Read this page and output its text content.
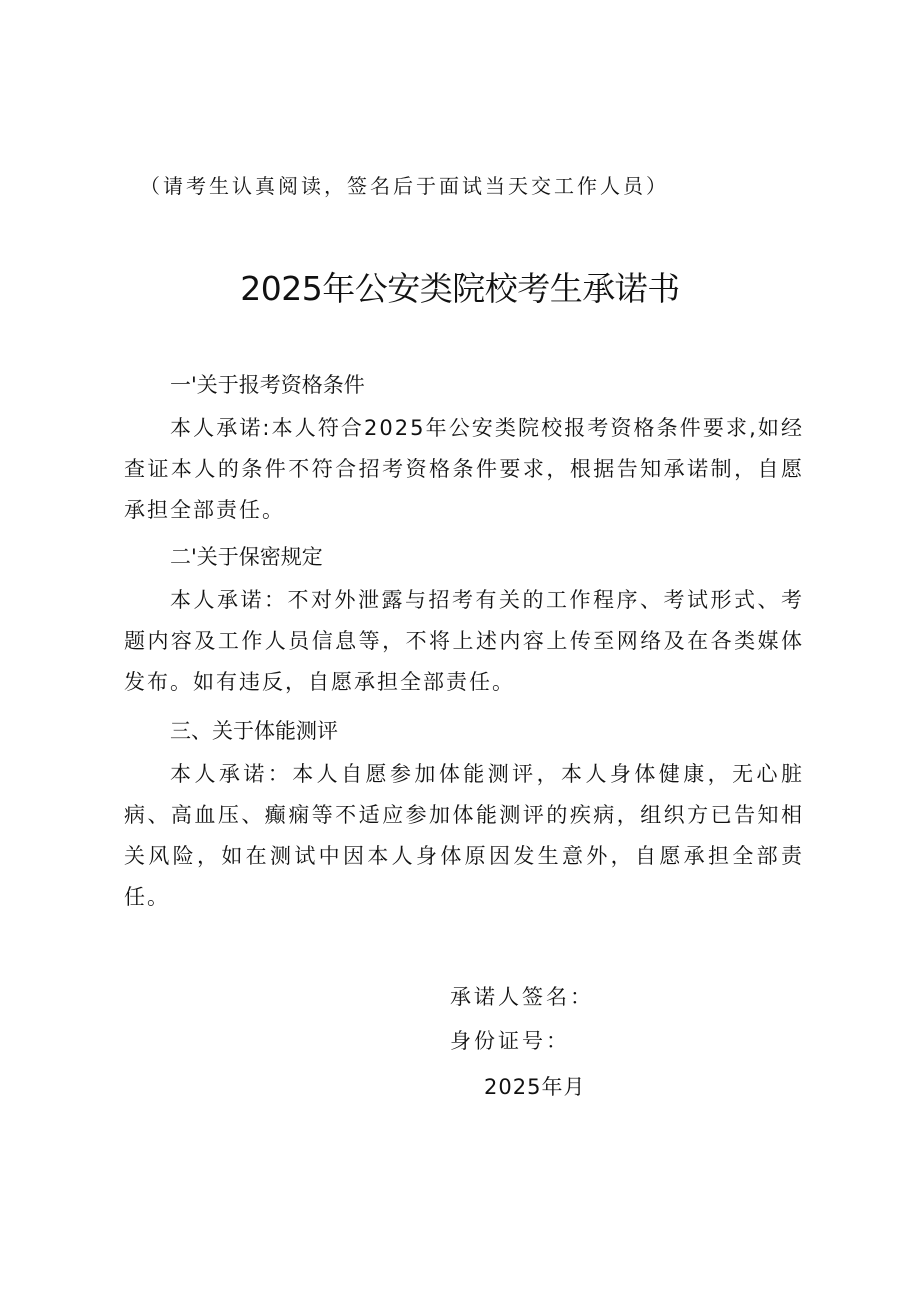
（请考生认真阅读，签名后于面试当天交工作人员）
2025年公安类院校考生承诺书
一'关于报考资格条件
本人承诺:本人符合2025年公安类院校报考资格条件要求,如经查证本人的条件不符合招考资格条件要求，根据告知承诺制，自愿承担全部责任。
二'关于保密规定
本人承诺：不对外泄露与招考有关的工作程序、考试形式、考题内容及工作人员信息等，不将上述内容上传至网络及在各类媒体发布。如有违反，自愿承担全部责任。
三、关于体能测评
本人承诺：本人自愿参加体能测评，本人身体健康，无心脏病、高血压、癫痫等不适应参加体能测评的疾病，组织方已告知相关风险，如在测试中因本人身体原因发生意外，自愿承担全部责任。
承诺人签名：
身份证号：
2025年月
